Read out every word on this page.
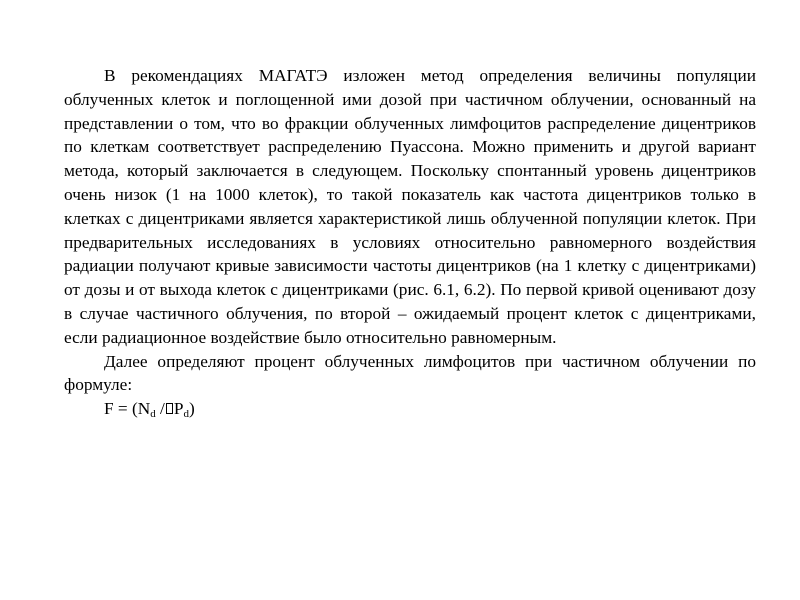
В рекомендациях МАГАТЭ изложен метод определения величины популяции облученных клеток и поглощенной ими дозой при частичном облучении, основанный на представлении о том, что во фракции облученных лимфоцитов распределение дицентриков по клеткам соответствует распределению Пуассона. Можно применить и другой вариант метода, который заключается в следующем. Поскольку спонтанный уровень дицентриков очень низок (1 на 1000 клеток), то такой показатель как частота дицентриков только в клетках с дицентриками является характеристикой лишь облученной популяции клеток. При предварительных исследованиях в условиях относительно равномерного воздействия радиации получают кривые зависимости частоты дицентриков (на 1 клетку с дицентриками) от дозы и от выхода клеток с дицентриками (рис. 6.1, 6.2). По первой кривой оценивают дозу в случае частичного облучения, по второй – ожидаемый процент клеток с дицентриками, если радиационное воздействие было относительно равномерным.

Далее определяют процент облученных лимфоцитов при частичном облучении по формуле:

$F = (N_d / P_d)$
